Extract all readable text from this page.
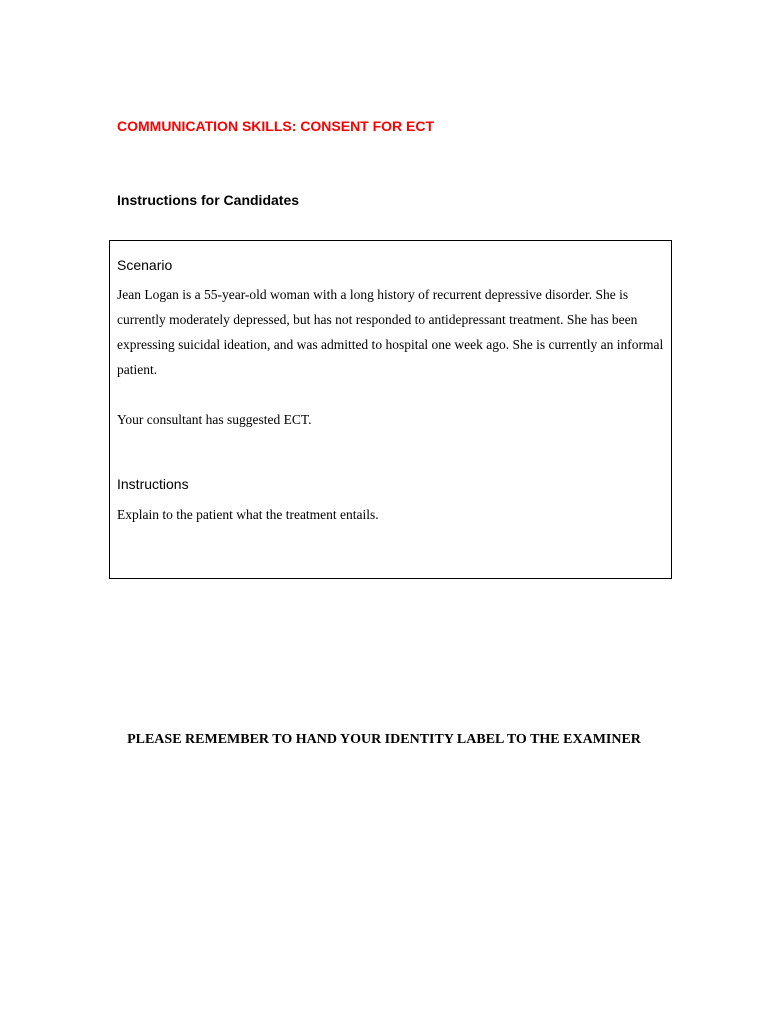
COMMUNICATION SKILLS: CONSENT FOR ECT
Instructions for Candidates
Scenario

Jean Logan is a 55-year-old woman with a long history of recurrent depressive disorder. She is currently moderately depressed, but has not responded to antidepressant treatment. She has been expressing suicidal ideation, and was admitted to hospital one week ago. She is currently an informal patient.

Your consultant has suggested ECT.

Instructions

Explain to the patient what the treatment entails.

PLEASE REMEMBER TO HAND YOUR IDENTITY LABEL TO THE EXAMINER
